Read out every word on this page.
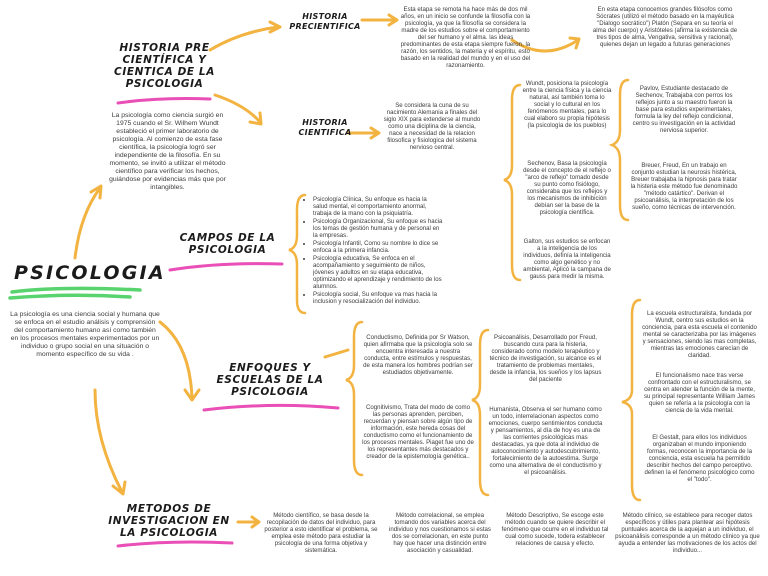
PSICOLOGIA
La psicología es una ciencia social y humana que se enfoca en el estudio análisis y comprensión del comportamiento humano así como también en los procesos mentales experimentados por un individuo o grupo social en una situación o momento específico de su vida .
HISTORIA PRE CIENTÍFICA Y CIENTICA DE LA PSICOLOGIA
La psicología como ciencia surgió en 1975 cuando el Sr. Wilhem Wundt estableció el primer laboratorio de psicología. Al comienzo de esta fase científica, la psicología logró ser independiente de la filosofía. En su momento, se invitó a utilizar el método científico para verificar los hechos, guiándose por evidencias más que por intangibles.
HISTORIA PRECIENTIFICA
Esta etapa se remota ha hace más de dos mil años, en un inicio se confunde la filosofía con la psicología, ya que la filosofía se considera la madre de los estudios sobre el comportamiento del ser humano y el alma. las ideas predominantes de esta etapa siempre fueron, la razón, los sentidos, la materia y el espíritu, esto basado en la realidad del mundo y en el uso del razonamiento.
En esta etapa conocemos grandes filósofos como Sócrates (utilizó el método basado en la mayéutica "Dialogo socrático") Platón (Separa en su teoría el alma del cuerpo) y Aristóteles (afirma la existencia de tres tipos de alma, Vengativa, sensitiva y racional), quienes dejan un legado a futuras generaciones
HISTORIA CIENTIFICA
Se considera la cuna de su nacimiento Alemania a finales del siglo XIX para extenderse al mundo como una diciplina de la ciencia, nace a necesidad de la relacion filosofica y fisiologica del sistema nervioso central.
Wundt, posiciona la psicología entre la ciencia física y la ciencia natural, así también toma lo social y lo cultural en los fenómenos mentales, para lo cual elaboro su propia hipótesis (la psicología de los pueblos)
Sechenov, Basa la psicología desde el concepto de el reflejo o "arco de reflejo" tomado desde su punto como fisiólogo, consideraba que los reflejos y los mecanismos de inhibición debían ser la base de la psicología científica.
Galton, sus estudios se enfocan a la inteligencia de los individuos, definía la inteligencia como algo genético y no ambiental, Aplicó la campana de gauss para medir la misma.
Pavlov, Estudiante destacado de Sechenov, Trabajaba con perros los reflejos junto a su maestro fueron la base para estudios experimentales, formula la ley del reflejo condicional, centro su investigación en la actividad nerviosa superior.
Breuer, Freud, En un trabajo en conjunto estudian la neurosis histérica, Breuer trabajaba la hipnosis para tratar la histeria este método fue denominado "método catártico". Derivan el psicoanálisis, la interpretación de los sueño, como técnicas de intervención.
CAMPOS DE LA PSICOLOGIA
• Psicología Clínica, Su enfoque es hacia la salud mental, el comportamiento anormal, trabaja de la mano con la psiquiatría.
• Psicología Organizacional, Su enfoque es hacia los temas de gestión humana y de personal en la empresas.
• Psicología Infantil, Como su nombre lo dice se enfoca a la primera infancia.
• Psicología educativa, Se enfoca en el acompañamiento y seguimiento de niños, jóvenes y adultos en su etapa educativa, optimizando el aprendizaje y rendimiento de los alumnos.
• Psicología social, Su enfoque va mas hacia la inclusion y resocialización del individuo.
ENFOQUES Y ESCUELAS DE LA PSICOLOGIA
Conductismo, Definida por Sr Watson, quien afirmaba que la psicología solo se encuentra interesada a nuestra conducta, entre estímulos y respuestas, de esta manera los hombres podrían ser estudiados objetivamente.
Cognitivismo, Trata del modo de como las personas aprenden, perciben, recuerdan y piensan sobre algún tipo de información, este hereda cosas del conductismo como el funcionamiento de los procesos mentales. Piaget fue uno de los representantes más destacados y creador de la epistemología genética..
Psicoanálisis, Desarrollado por Freud, buscando cura para la histeria, considerado como modelo terapéutico y técnico de investigación, su alcance es el tratamiento de problemas mentales, desde la infancia, los sueños y los lapsus del paciente
Humanista, Observa el ser humano como un todo, interrelacionan aspectos como emociones, cuerpo sentimientos conducta y pensamientos, al día de hoy es una de las corrientes psicológicas mas destacadas, ya que dota al individuo de autoconocimiento y autodescubrimiento, fortalecimiento de la autoestima. Surge como una alternativa de el conductismo y el psicoanálisis.
La escuela estructuralista, fundada por Wundt, centro sus estudios en la conciencia, para esta escuela el contenido mental se caracterizaba por las imágenes y sensaciones, siendo las mas completas, mientras las emociones carecían de claridad.
El funcionalismo nace tras verse confrontado con el estructuralismo, se centra en atender la función de la mente, su principal representante William James quien se refería a la psicología con la ciencia de la vida mental.
El Gestalt, para ellos los individuos organizaban el mundo imponiendo formas, reconocen la importancia de la conciencia, esta escuela ha permitido describir hechos del campo perceptivo. definen la el fenómeno psicológico como el "todo".
METODOS DE INVESTIGACION EN LA PSICOLOGIA
Método científico, se basa desde la recopilación de datos del individuo, para posterior a esto identificar el problema, se emplea este método para estudiar la psicología de una forma objetiva y sistemática.
Método correlacional, se emplea tomando dos variables acerca del individuo y nos cuestionamos si estas dos se correlacionan, en este punto hay que hacer una distinción entre asociación y casualidad.
Método Descriptivo, Se escoge este método cuando se quiere describir el fenómeno que ocurre en el individuo tal cual como sucede, todera establecer relaciones de causa y efecto.
Método clínico, se establece para recoger datos específicos y útiles para plantear así hipótesis puntuales acerca de la aquejan a un individuo, el psicoanálisis corresponde a un método clínico ya que ayuda a entender las motivaciones de los actos del individuo...
